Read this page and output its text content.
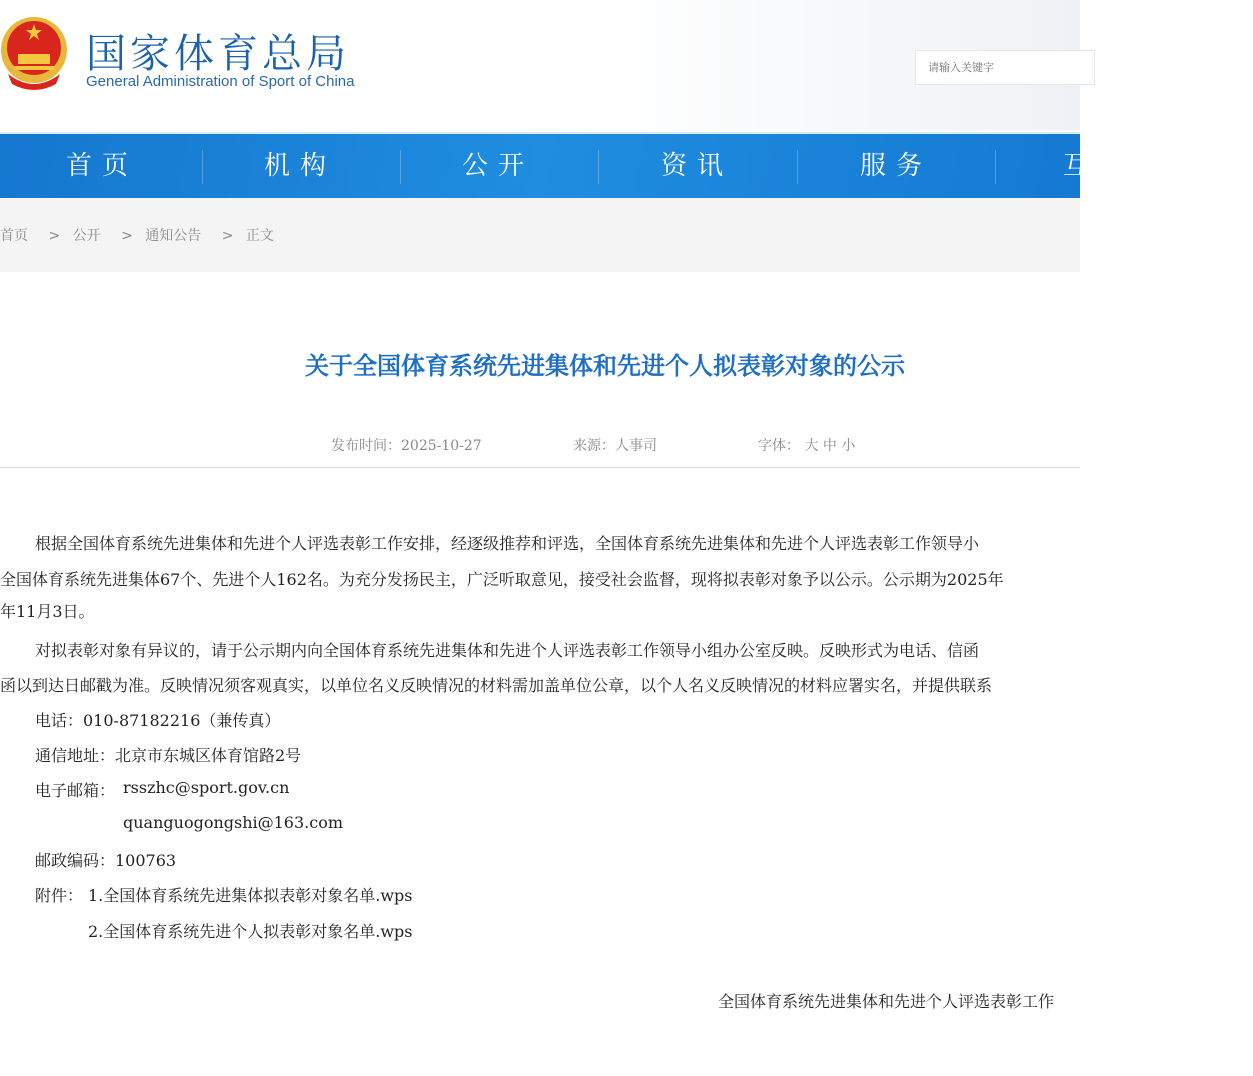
国家体育总局
General Administration of Sport of China
请输入关键字
首页	机构	公开	资讯	服务	互
首页 > 公开 > 通知公告 > 正文
关于全国体育系统先进集体和先进个人拟表彰对象的公示
发布时间：2025-10-27	来源：人事司	字体： 大 中 小
根据全国体育系统先进集体和先进个人评选表彰工作安排，经逐级推荐和评选，全国体育系统先进集体和先进个人评选表彰工作领导小
全国体育系统先进集体67个、先进个人162名。为充分发扬民主，广泛听取意见，接受社会监督，现将拟表彰对象予以公示。公示期为2025年
年11月3日。
对拟表彰对象有异议的，请于公示期内向全国体育系统先进集体和先进个人评选表彰工作领导小组办公室反映。反映形式为电话、信函
函以到达日邮戳为准。反映情况须客观真实，以单位名义反映情况的材料需加盖单位公章，以个人名义反映情况的材料应署实名，并提供联系
电话：010-87182216（兼传真）
通信地址：北京市东城区体育馆路2号
电子邮箱： rsszhc@sport.gov.cn
quanguogongshi@163.com
邮政编码：100763
附件： 1.全国体育系统先进集体拟表彰对象名单.wps
2.全国体育系统先进个人拟表彰对象名单.wps
全国体育系统先进集体和先进个人评选表彰工作
